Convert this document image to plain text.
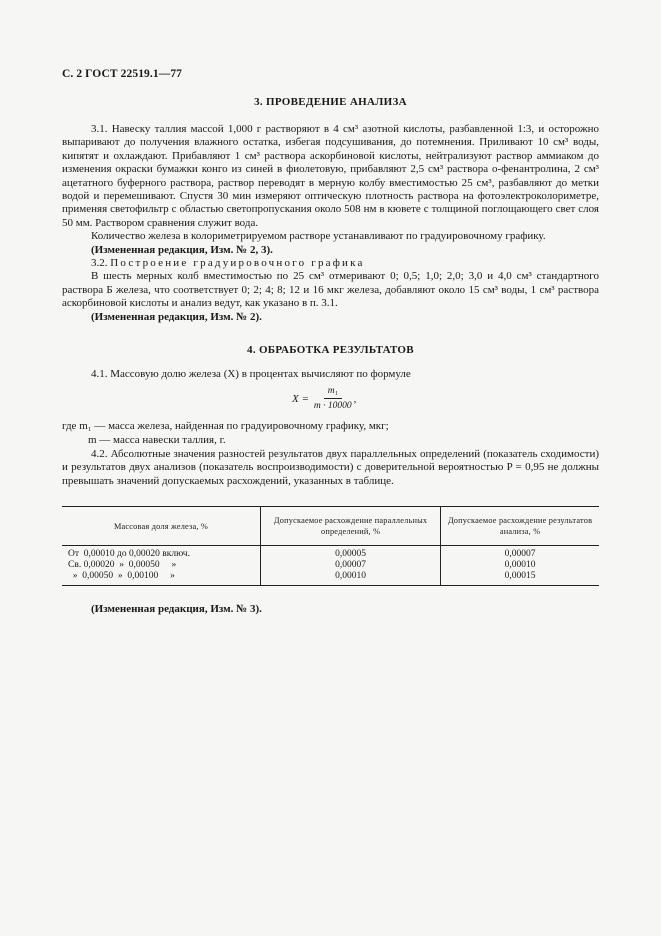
С. 2 ГОСТ 22519.1—77
3. ПРОВЕДЕНИЕ АНАЛИЗА

3.1. Навеску таллия массой 1,000 г растворяют в 4 см³ азотной кислоты, разбавленной 1:3, и осторожно выпаривают до получения влажного остатка, избегая подсушивания, до потемнения. Приливают 10 см³ воды, кипятят и охлаждают. Прибавляют 1 см³ раствора аскорбиновой кислоты, нейтрализуют раствор аммиаком до изменения окраски бумажки конго из синей в фиолетовую, прибавляют 2,5 см³ раствора о-фенантролина, 2 см³ ацетатного буферного раствора, раствор переводят в мерную колбу вместимостью 25 см³, разбавляют до метки водой и перемешивают. Спустя 30 мин измеряют оптическую плотность раствора на фотоэлектроколориметре, применяя светофильтр с областью светопропускания около 508 нм в кювете с толщиной поглощающего свет слоя 50 мм. Раствором сравнения служит вода.

Количество железа в колориметрируемом растворе устанавливают по градуировочному графику.

(Измененная редакция, Изм. № 2, 3).

3.2. Построение градуировочного графика

В шесть мерных колб вместимостью по 25 см³ отмеривают 0; 0,5; 1,0; 2,0; 3,0 и 4,0 см³ стандартного раствора Б железа, что соответствует 0; 2; 4; 8; 12 и 16 мкг железа, добавляют около 15 см³ воды, 1 см³ раствора аскорбиновой кислоты и анализ ведут, как указано в п. 3.1.

(Измененная редакция, Изм. № 2).

4. ОБРАБОТКА РЕЗУЛЬТАТОВ

4.1. Массовую долю железа (X) в процентах вычисляют по формуле

$X = \frac{\text{m₁}}{m \cdot 10000}$ ,
где m₁ — масса железа, найденная по градуировочному графику, мкг;
m — масса навески таллия, г.

4.2. Абсолютные значения разностей результатов двух параллельных определений (показатель сходимости) и результатов двух анализов (показатель воспроизводимости) с доверительной вероятностью P = 0,95 не должны превышать значений допускаемых расхождений, указанных в таблице.

Массовая доля железа, %	Допускаемое расхождение параллельных определений, %	Допускаемое расхождение результатов анализа, %
От  0,00010 до 0,00020 включ.	0,00005	0,00007
Св. 0,00020  »  0,00050     »	0,00007	0,00010
»  0,00050  »  0,00100     »	0,00010	0,00015
(Измененная редакция, Изм. № 3).
